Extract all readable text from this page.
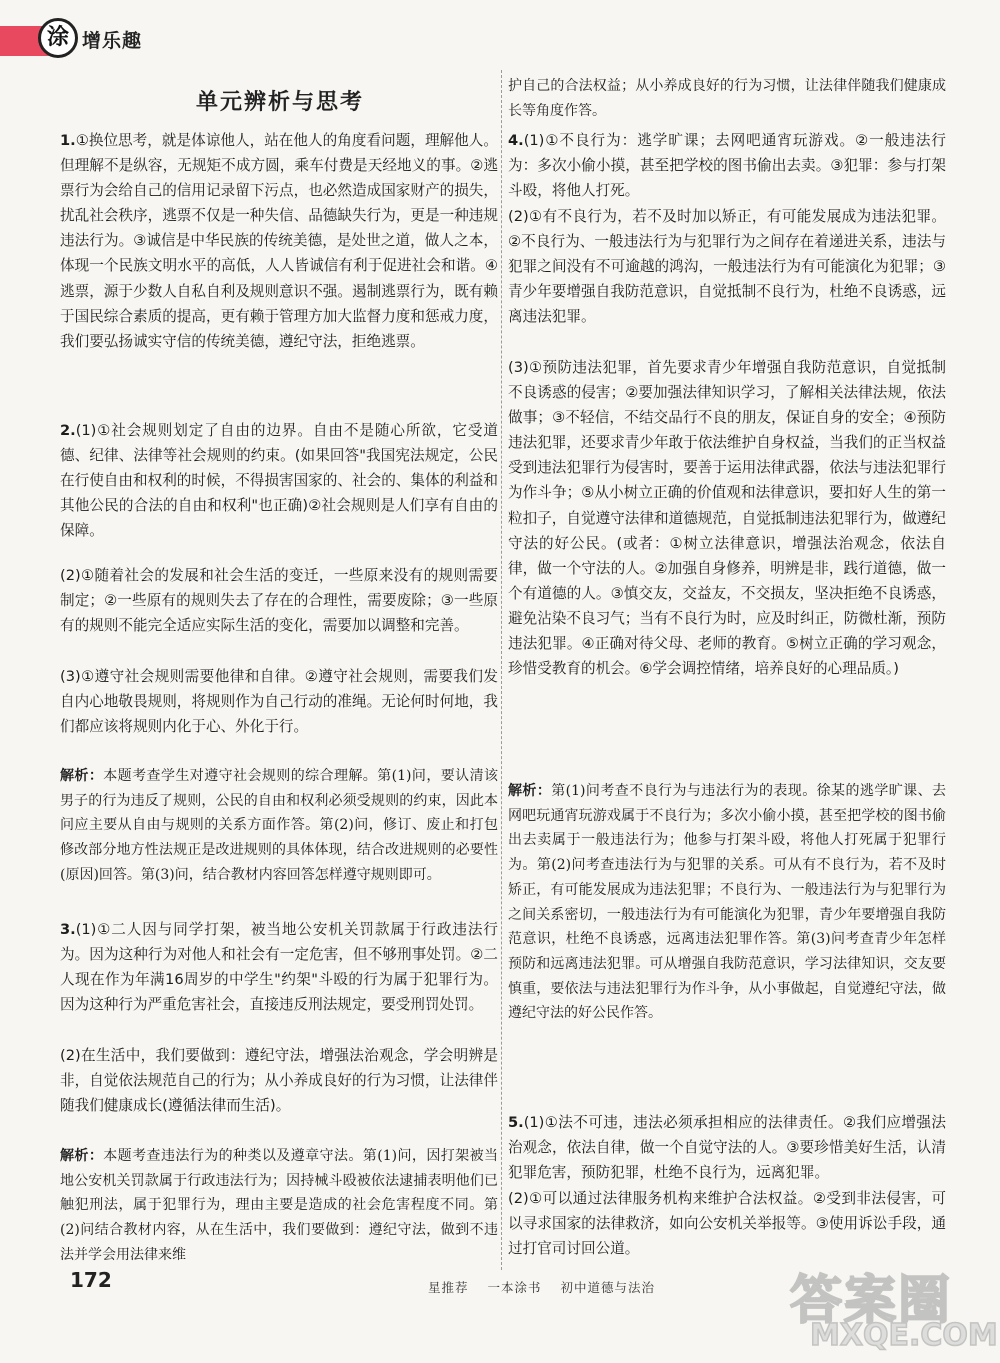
涂 增乐趣
单元辨析与思考
1.①换位思考，就是体谅他人，站在他人的角度看问题，理解他人。但理解不是纵容，无规矩不成方圆，乘车付费是天经地义的事。②逃票行为会给自己的信用记录留下污点，也必然造成国家财产的损失，扰乱社会秩序，逃票不仅是一种失信、品德缺失行为，更是一种违规违法行为。③诚信是中华民族的传统美德，是处世之道，做人之本，体现一个民族文明水平的高低，人人皆诚信有利于促进社会和谐。④逃票，源于少数人自私自利及规则意识不强。遏制逃票行为，既有赖于国民综合素质的提高，更有赖于管理方加大监督力度和惩戒力度，我们要弘扬诚实守信的传统美德，遵纪守法，拒绝逃票。
2.(1)①社会规则划定了自由的边界。自由不是随心所欲，它受道德、纪律、法律等社会规则的约束。(如果回答"我国宪法规定，公民在行使自由和权利的时候，不得损害国家的、社会的、集体的利益和其他公民的合法的自由和权利"也正确)②社会规则是人们享有自由的保障。
(2)①随着社会的发展和社会生活的变迁，一些原来没有的规则需要制定；②一些原有的规则失去了存在的合理性，需要废除；③一些原有的规则不能完全适应实际生活的变化，需要加以调整和完善。
(3)①遵守社会规则需要他律和自律。②遵守社会规则，需要我们发自内心地敬畏规则，将规则作为自己行动的准绳。无论何时何地，我们都应该将规则内化于心、外化于行。
解析：本题考查学生对遵守社会规则的综合理解。第(1)问，要认清该男子的行为违反了规则，公民的自由和权利必须受规则的约束，因此本问应主要从自由与规则的关系方面作答。第(2)问，修订、废止和打包修改部分地方性法规正是改进规则的具体体现，结合改进规则的必要性(原因)回答。第(3)问，结合教材内容回答怎样遵守规则即可。
3.(1)①二人因与同学打架，被当地公安机关罚款属于行政违法行为。因为这种行为对他人和社会有一定危害，但不够刑事处罚。②二人现在作为年满16周岁的中学生"约架"斗殴的行为属于犯罪行为。因为这种行为严重危害社会，直接违反刑法规定，要受刑罚处罚。
(2)在生活中，我们要做到：遵纪守法，增强法治观念，学会明辨是非，自觉依法规范自己的行为；从小养成良好的行为习惯，让法律伴随我们健康成长(遵循法律而生活)。
解析：本题考查违法行为的种类以及遵章守法。第(1)问，因打架被当地公安机关罚款属于行政违法行为；因持械斗殴被依法逮捕表明他们已触犯刑法，属于犯罪行为，理由主要是造成的社会危害程度不同。第(2)问结合教材内容，从在生活中，我们要做到：遵纪守法，做到不违法并学会用法律来维
护自己的合法权益；从小养成良好的行为习惯，让法律伴随我们健康成长等角度作答。
4.(1)①不良行为：逃学旷课；去网吧通宵玩游戏。②一般违法行为：多次小偷小摸，甚至把学校的图书偷出去卖。③犯罪：参与打架斗殴，将他人打死。
(2)①有不良行为，若不及时加以矫正，有可能发展成为违法犯罪。②不良行为、一般违法行为与犯罪行为之间存在着递进关系，违法与犯罪之间没有不可逾越的鸿沟，一般违法行为有可能演化为犯罪；③青少年要增强自我防范意识，自觉抵制不良行为，杜绝不良诱惑，远离违法犯罪。
(3)①预防违法犯罪，首先要求青少年增强自我防范意识，自觉抵制不良诱惑的侵害；②要加强法律知识学习，了解相关法律法规，依法做事；③不轻信，不结交品行不良的朋友，保证自身的安全；④预防违法犯罪，还要求青少年敢于依法维护自身权益，当我们的正当权益受到违法犯罪行为侵害时，要善于运用法律武器，依法与违法犯罪行为作斗争；⑤从小树立正确的价值观和法律意识，要扣好人生的第一粒扣子，自觉遵守法律和道德规范，自觉抵制违法犯罪行为，做遵纪守法的好公民。(或者：①树立法律意识，增强法治观念，依法自律，做一个守法的人。②加强自身修养，明辨是非，践行道德，做一个有道德的人。③慎交友，交益友，不交损友，坚决拒绝不良诱惑，避免沾染不良习气；当有不良行为时，应及时纠正，防微杜渐，预防违法犯罪。④正确对待父母、老师的教育。⑤树立正确的学习观念，珍惜受教育的机会。⑥学会调控情绪，培养良好的心理品质。)
解析：第(1)问考查不良行为与违法行为的表现。徐某的逃学旷课、去网吧玩通宵玩游戏属于不良行为；多次小偷小摸，甚至把学校的图书偷出去卖属于一般违法行为；他参与打架斗殴，将他人打死属于犯罪行为。第(2)问考查违法行为与犯罪的关系。可从有不良行为，若不及时矫正，有可能发展成为违法犯罪；不良行为、一般违法行为与犯罪行为之间关系密切，一般违法行为有可能演化为犯罪，青少年要增强自我防范意识，杜绝不良诱惑，远离违法犯罪作答。第(3)问考查青少年怎样预防和远离违法犯罪。可从增强自我防范意识，学习法律知识，交友要慎重，要依法与违法犯罪行为作斗争，从小事做起，自觉遵纪守法，做遵纪守法的好公民作答。
5.(1)①法不可违，违法必须承担相应的法律责任。②我们应增强法治观念，依法自律，做一个自觉守法的人。③要珍惜美好生活，认清犯罪危害，预防犯罪，杜绝不良行为，远离犯罪。
(2)①可以通过法律服务机构来维护合法权益。②受到非法侵害，可以寻求国家的法律救济，如向公安机关举报等。③使用诉讼手段，通过打官司讨回公道。
172	星推荐 一本涂书 初中道德与法治	答案圈
MXQE.COM
